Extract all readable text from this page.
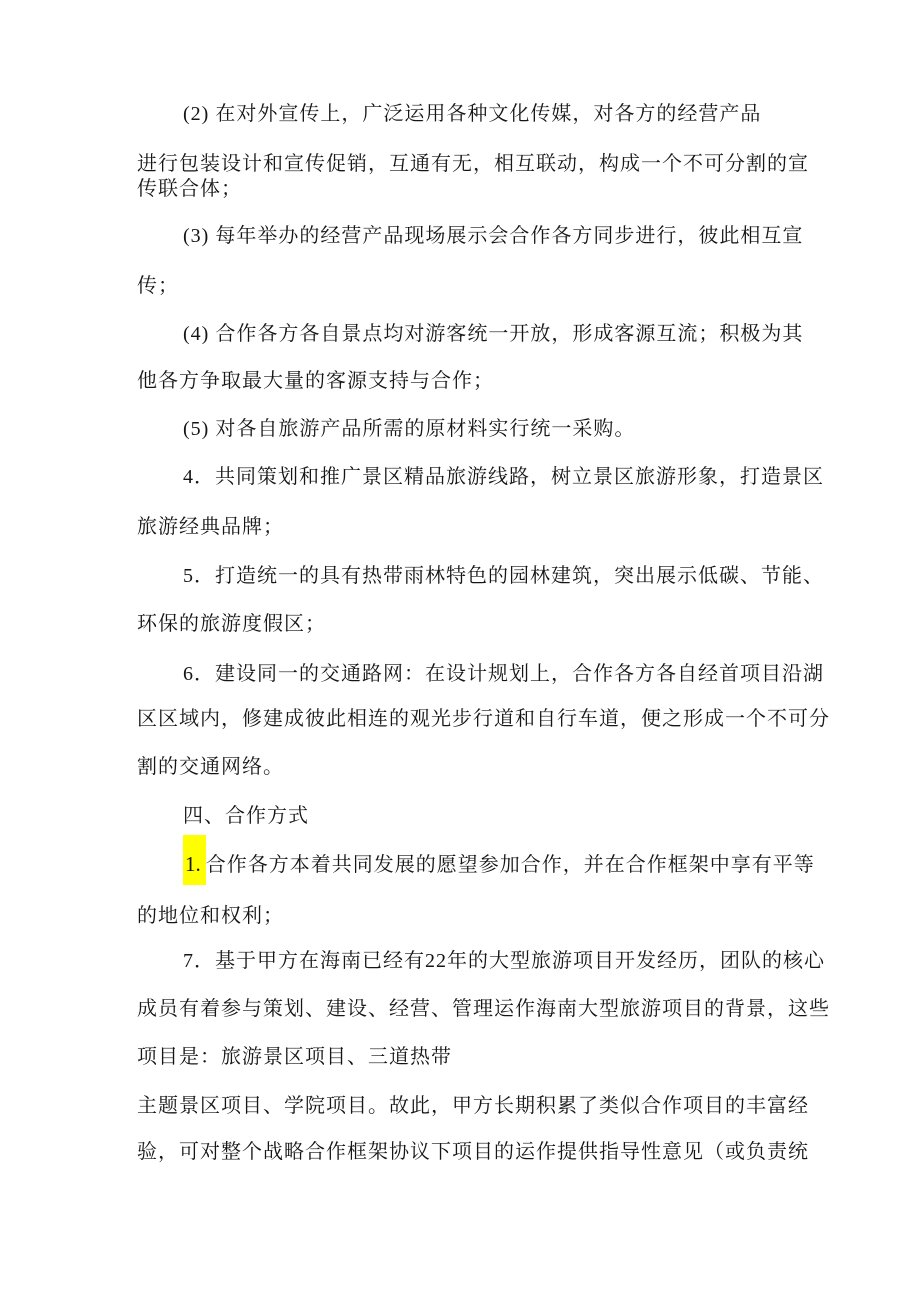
(2) 在对外宣传上，广泛运用各种文化传媒，对各方的经营产品
进行包装设计和宣传促销，互通有无，相互联动，构成一个不可分割的宣
传联合体；
(3) 每年举办的经营产品现场展示会合作各方同步进行，彼此相互宣
传；
(4) 合作各方各自景点均对游客统一开放，形成客源互流；积极为其
他各方争取最大量的客源支持与合作；
(5) 对各自旅游产品所需的原材料实行统一采购。
4．共同策划和推广景区精品旅游线路，树立景区旅游形象，打造景区
旅游经典品牌；
5．打造统一的具有热带雨林特色的园林建筑，突出展示低碳、节能、
环保的旅游度假区；
6．建设同一的交通路网：在设计规划上，合作各方各自经首项目沿湖
区区域内，修建成彼此相连的观光步行道和自行车道，便之形成一个不可分
割的交通网络。
四、合作方式
1. 合作各方本着共同发展的愿望参加合作，并在合作框架中享有平等
的地位和权利；
7．基于甲方在海南已经有22年的大型旅游项目开发经历，团队的核心
成员有着参与策划、建设、经营、管理运作海南大型旅游项目的背景，这些
项目是：旅游景区项目、三道热带
主题景区项目、学院项目。故此，甲方长期积累了类似合作项目的丰富经
验，可对整个战略合作框架协议下项目的运作提供指导性意见（或负责统
